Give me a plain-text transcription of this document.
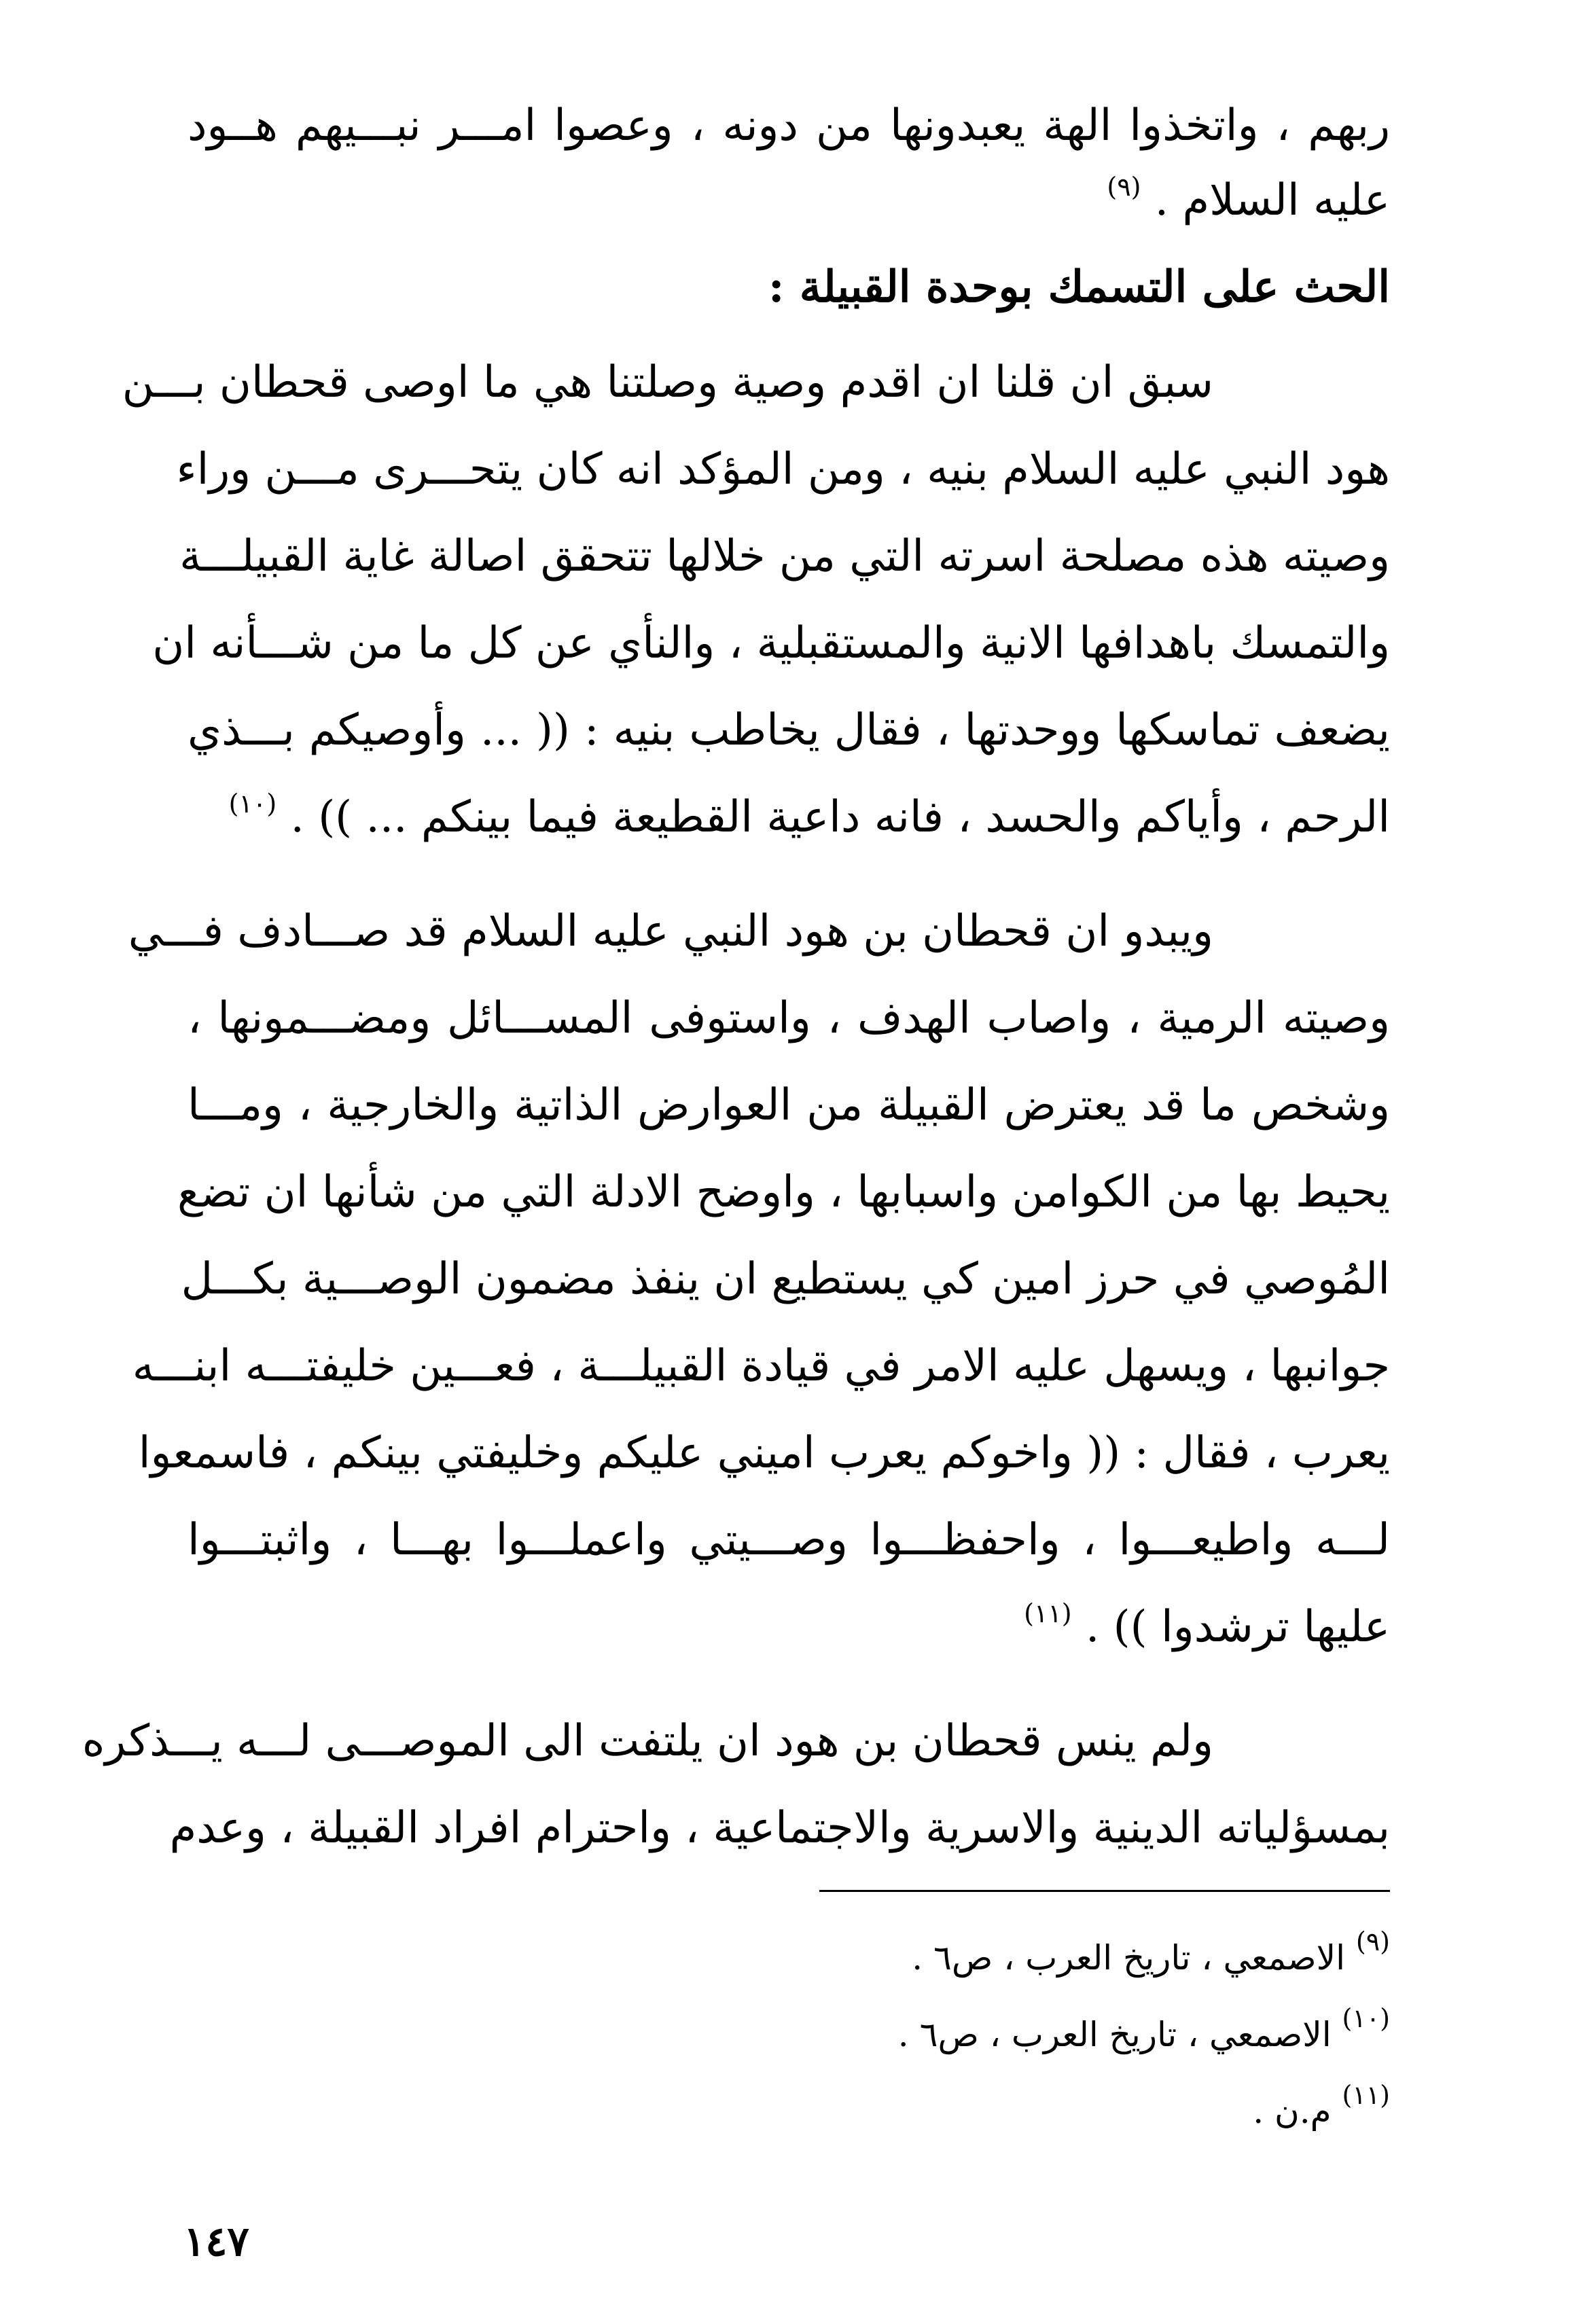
ربهم ، واتخذوا الهة يعبدونها من دونه ، وعصوا امـــر نبـــيهم هــود
عليه السلام . $^{(٩)}$
الحث على التسمك بوحدة القبيلة :
سبق ان قلنا ان اقدم وصية وصلتنا هي ما اوصى قحطان بـــن
هود النبي عليه السلام بنيه ، ومن المؤكد انه كان يتحـــرى مـــن وراء
وصيته هذه مصلحة اسرته التي من خلالها تتحقق اصالة غاية القبيلـــة
والتمسك باهدافها الانية والمستقبلية ، والنأي عن كل ما من شـــأنه ان
يضعف تماسكها ووحدتها ، فقال يخاطب بنيه : (( ... وأوصيكم بـــذي
الرحم ، وأياكم والحسد ، فانه داعية القطيعة فيما بينكم ... )) . $^{(١٠)}$
ويبدو ان قحطان بن هود النبي عليه السلام قد صـــادف فـــي
وصيته الرمية ، واصاب الهدف ، واستوفى المســـائل ومضـــمونها ،
وشخص ما قد يعترض القبيلة من العوارض الذاتية والخارجية ، ومـــا
يحيط بها من الكوامن واسبابها ، واوضح الادلة التي من شأنها ان تضع
المُوصي في حرز امين كي يستطيع ان ينفذ مضمون الوصـــية بكـــل
جوانبها ، ويسهل عليه الامر في قيادة القبيلـــة ، فعـــين خليفتـــه ابنـــه
يعرب ، فقال : (( واخوكم يعرب اميني عليكم وخليفتي بينكم ، فاسمعوا
لـــه واطيعـــوا ، واحفظـــوا وصـــيتي واعملـــوا بهـــا ، واثبتـــوا
عليها ترشدوا )) . $^{(١١)}$
ولم ينس قحطان بن هود ان يلتفت الى الموصـــى لـــه يـــذكره
بمسؤلياته الدينية والاسرية والاجتماعية ، واحترام افراد القبيلة ، وعدم
$^{(٩)}$ الاصمعي ، تاريخ العرب ، ص٦ .
$^{(١٠)}$ الاصمعي ، تاريخ العرب ، ص٦ .
$^{(١١)}$ م.ن .
١٤٧
